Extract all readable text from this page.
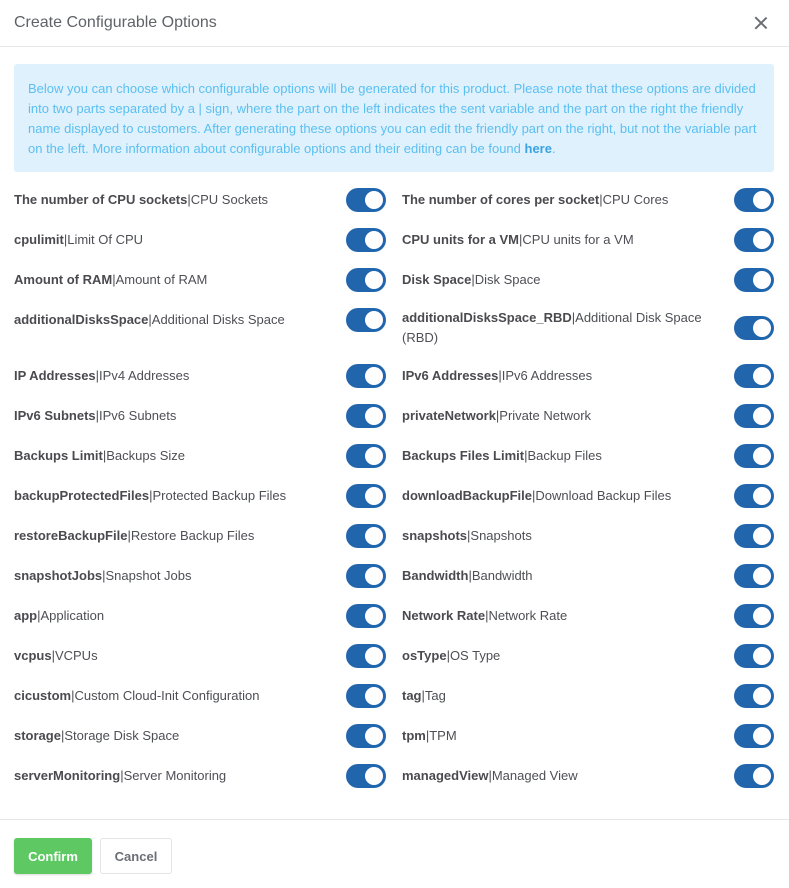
Create Configurable Options
Below you can choose which configurable options will be generated for this product. Please note that these options are divided into two parts separated by a | sign, where the part on the left indicates the sent variable and the part on the right the friendly name displayed to customers. After generating these options you can edit the friendly part on the right, but not the variable part on the left. More information about configurable options and their editing can be found here.
The number of CPU sockets|CPU Sockets	The number of cores per socket|CPU Cores
cpulimit|Limit Of CPU	CPU units for a VM|CPU units for a VM
Amount of RAM|Amount of RAM	Disk Space|Disk Space
additionalDisksSpace|Additional Disks Space	additionalDisksSpace_RBD|Additional Disk Space (RBD)
IP Addresses|IPv4 Addresses	IPv6 Addresses|IPv6 Addresses
IPv6 Subnets|IPv6 Subnets	privateNetwork|Private Network
Backups Limit|Backups Size	Backups Files Limit|Backup Files
backupProtectedFiles|Protected Backup Files	downloadBackupFile|Download Backup Files
restoreBackupFile|Restore Backup Files	snapshots|Snapshots
snapshotJobs|Snapshot Jobs	Bandwidth|Bandwidth
app|Application	Network Rate|Network Rate
vcpus|VCPUs	osType|OS Type
cicustom|Custom Cloud-Init Configuration	tag|Tag
storage|Storage Disk Space	tpm|TPM
serverMonitoring|Server Monitoring	managedView|Managed View
Confirm	Cancel
